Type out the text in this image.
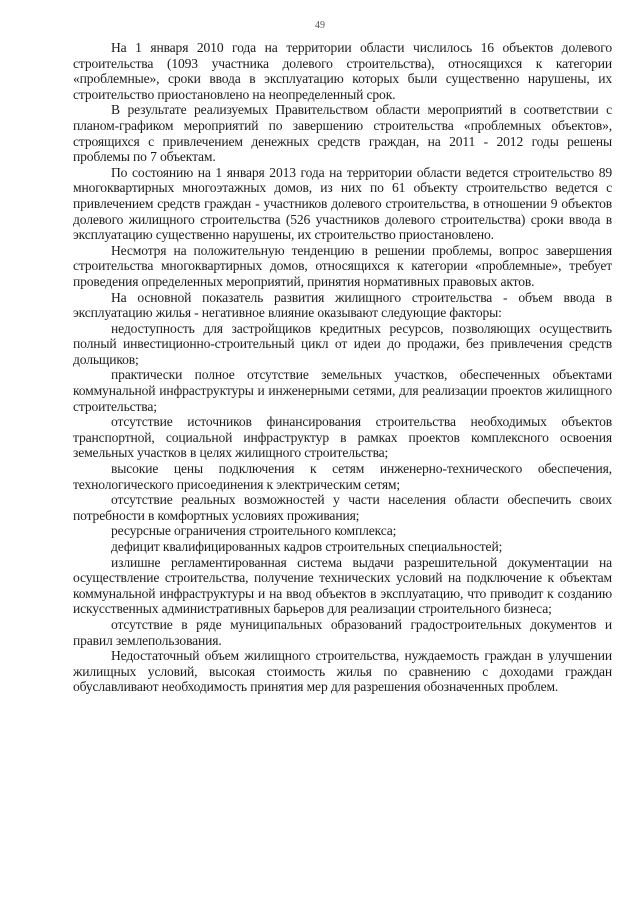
49

На 1 января 2010 года на территории области числилось 16 объектов долевого строительства (1093 участника долевого строительства), относящихся к категории «проблемные», сроки ввода в эксплуатацию которых были существенно нарушены, их строительство приостановлено на неопределенный срок.

В результате реализуемых Правительством области мероприятий в соответствии с планом-графиком мероприятий по завершению строительства «проблемных объектов», строящихся с привлечением денежных средств граждан, на 2011 - 2012 годы решены проблемы по 7 объектам.

По состоянию на 1 января 2013 года на территории области ведется строительство 89 многоквартирных многоэтажных домов, из них по 61 объекту строительство ведется с привлечением средств граждан - участников долевого строительства, в отношении 9 объектов долевого жилищного строительства (526 участников долевого строительства) сроки ввода в эксплуатацию существенно нарушены, их строительство приостановлено.

Несмотря на положительную тенденцию в решении проблемы, вопрос завершения строительства многоквартирных домов, относящихся к категории «проблемные», требует проведения определенных мероприятий, принятия нормативных правовых актов.

На основной показатель развития жилищного строительства - объем ввода в эксплуатацию жилья - негативное влияние оказывают следующие факторы:

недоступность для застройщиков кредитных ресурсов, позволяющих осуществить полный инвестиционно-строительный цикл от идеи до продажи, без привлечения средств дольщиков;

практически полное отсутствие земельных участков, обеспеченных объектами коммунальной инфраструктуры и инженерными сетями, для реализации проектов жилищного строительства;

отсутствие источников финансирования строительства необходимых объектов транспортной, социальной инфраструктур в рамках проектов комплексного освоения земельных участков в целях жилищного строительства;

высокие цены подключения к сетям инженерно-технического обеспечения, технологического присоединения к электрическим сетям;

отсутствие реальных возможностей у части населения области обеспечить своих потребности в комфортных условиях проживания;

ресурсные ограничения строительного комплекса;

дефицит квалифицированных кадров строительных специальностей;

излишне регламентированная система выдачи разрешительной документации на осуществление строительства, получение технических условий на подключение к объектам коммунальной инфраструктуры и на ввод объектов в эксплуатацию, что приводит к созданию искусственных административных барьеров для реализации строительного бизнеса;

отсутствие в ряде муниципальных образований градостроительных документов и правил землепользования.

Недостаточный объем жилищного строительства, нуждаемость граждан в улучшении жилищных условий, высокая стоимость жилья по сравнению с доходами граждан обуславливают необходимость принятия мер для разрешения обозначенных проблем.
